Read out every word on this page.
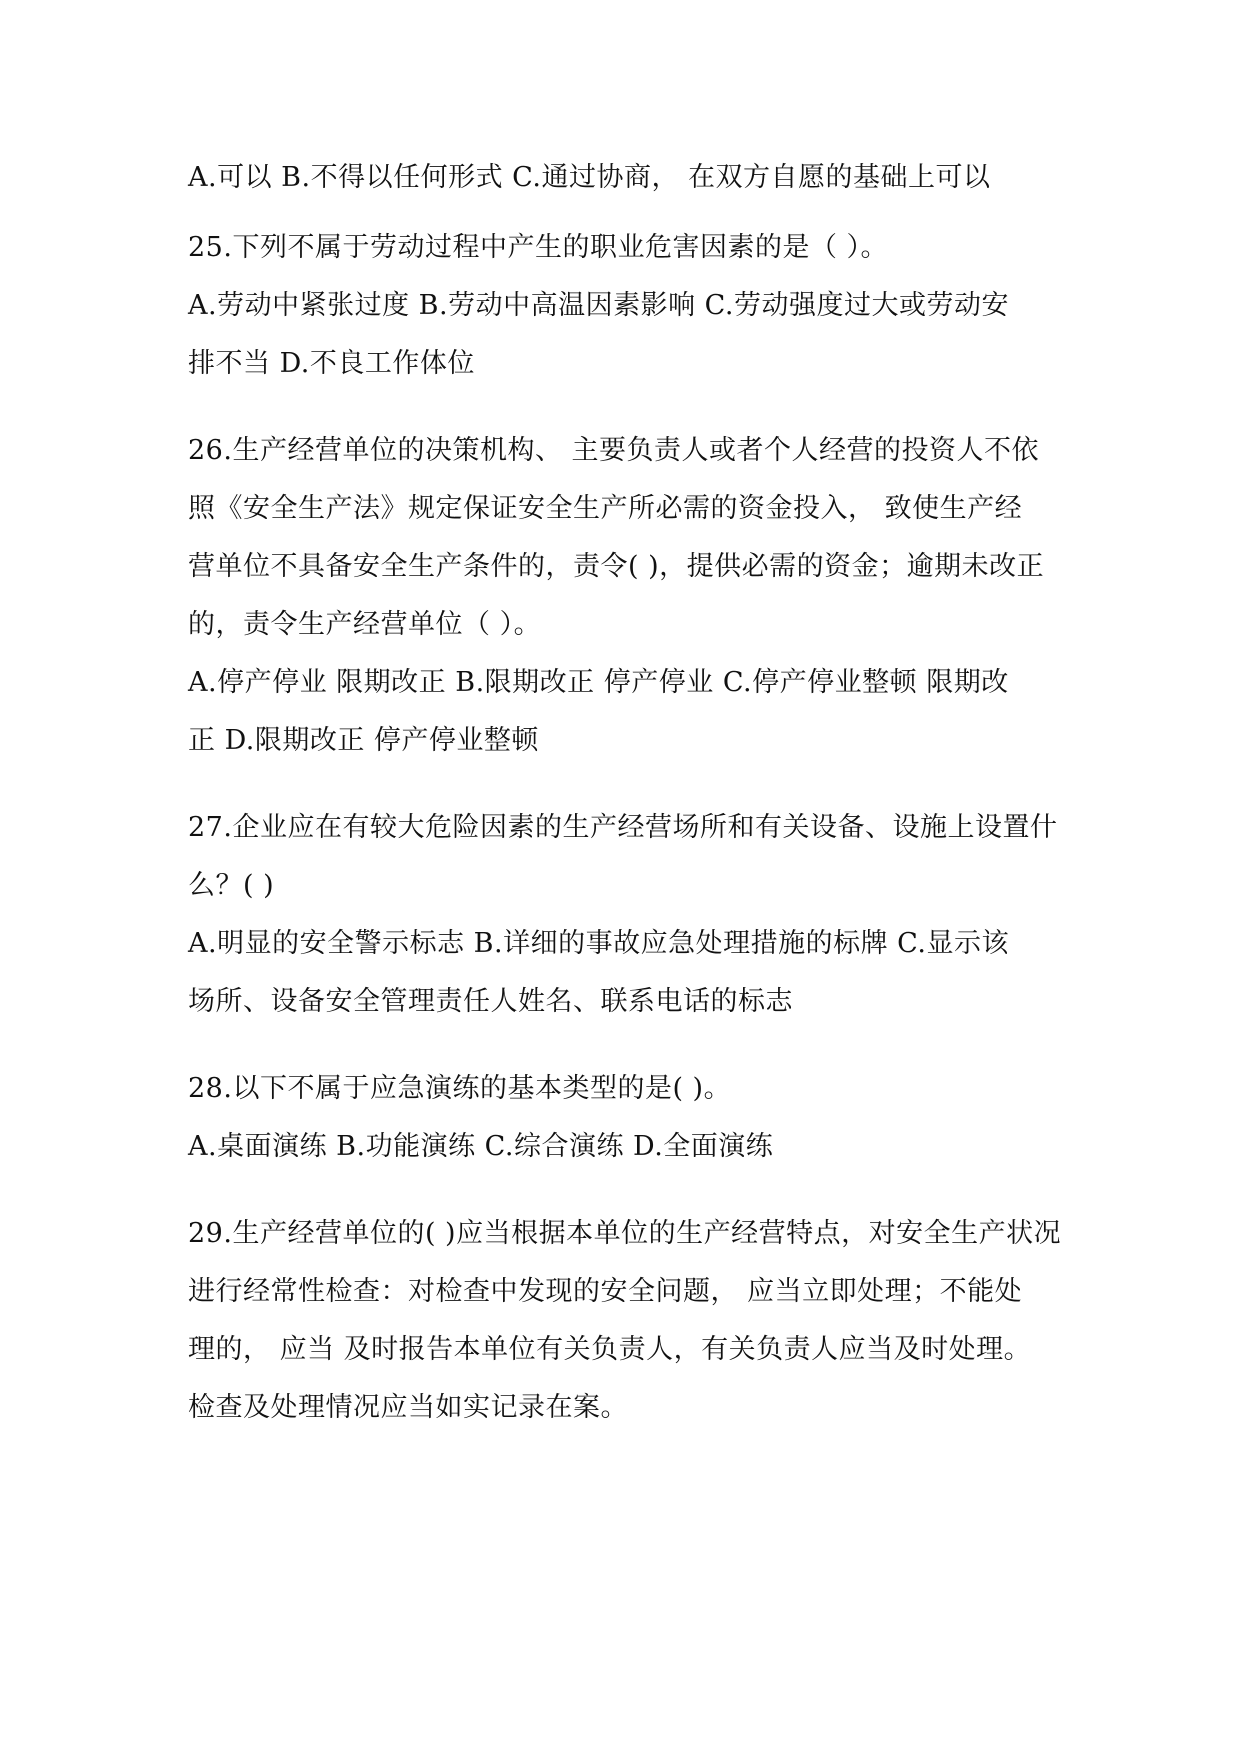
A.可以 B.不得以任何形式 C.通过协商， 在双方自愿的基础上可以
25.下列不属于劳动过程中产生的职业危害因素的是（ ）。
A.劳动中紧张过度 B.劳动中高温因素影响 C.劳动强度过大或劳动安
排不当 D.不良工作体位
26.生产经营单位的决策机构、 主要负责人或者个人经营的投资人不依
照《安全生产法》规定保证安全生产所必需的资金投入， 致使生产经
营单位不具备安全生产条件的，责令( )，提供必需的资金；逾期未改正
的，责令生产经营单位（ ）。
A.停产停业 限期改正 B.限期改正 停产停业 C.停产停业整顿 限期改
正 D.限期改正 停产停业整顿
27.企业应在有较大危险因素的生产经营场所和有关设备、设施上设置什
么？( )
A.明显的安全警示标志 B.详细的事故应急处理措施的标牌 C.显示该
场所、设备安全管理责任人姓名、联系电话的标志
28.以下不属于应急演练的基本类型的是( )。
A.桌面演练 B.功能演练 C.综合演练 D.全面演练
29.生产经营单位的( )应当根据本单位的生产经营特点，对安全生产状况
进行经常性检查：对检查中发现的安全问题， 应当立即处理；不能处
理的， 应当 及时报告本单位有关负责人，有关负责人应当及时处理。
检查及处理情况应当如实记录在案。
